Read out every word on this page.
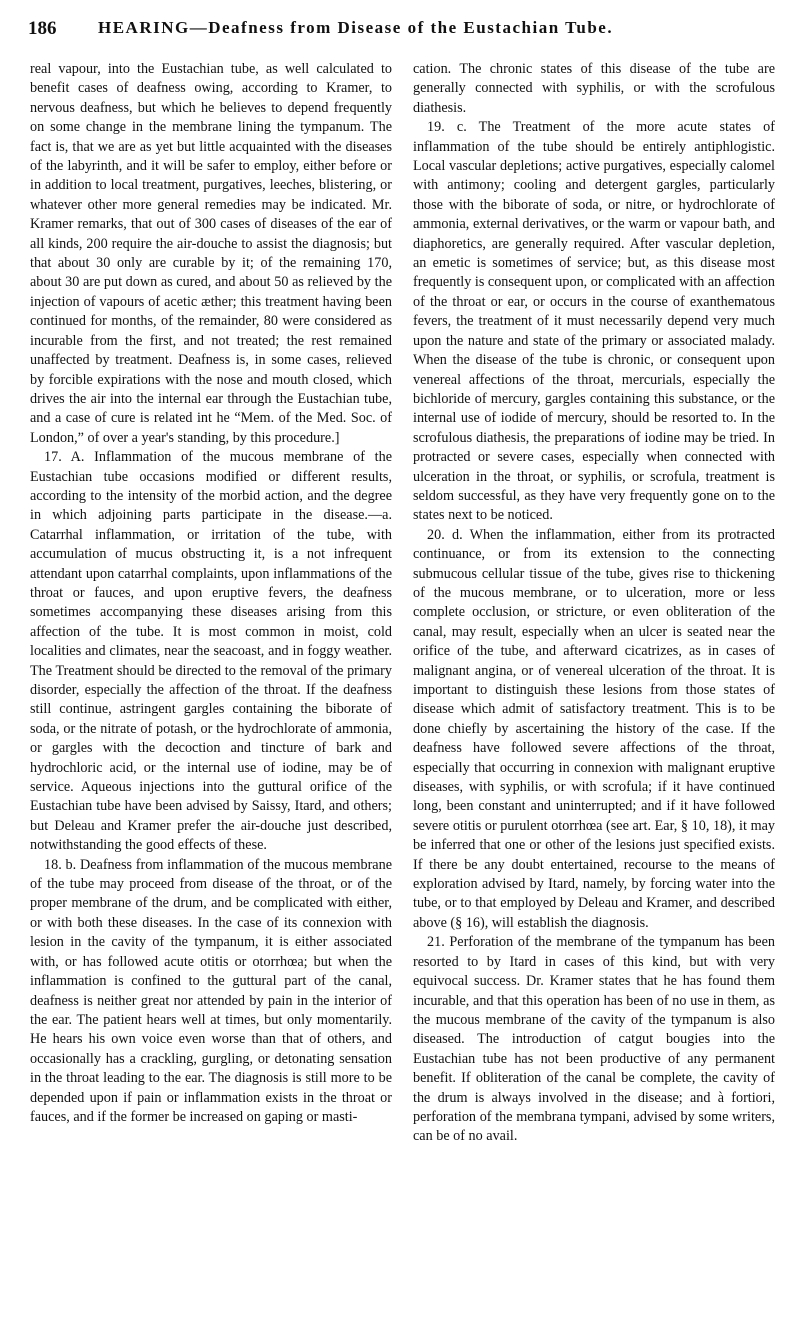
186 HEARING—Deafness from Disease of the Eustachian Tube.

real vapour, into the Eustachian tube, as well calculated to benefit cases of deafness owing, according to Kramer, to nervous deafness, but which he believes to depend frequently on some change in the membrane lining the tympanum. The fact is, that we are as yet but little acquainted with the diseases of the labyrinth, and it will be safer to employ, either before or in addition to local treatment, purgatives, leeches, blistering, or whatever other more general remedies may be indicated. Mr. Kramer remarks, that out of 300 cases of diseases of the ear of all kinds, 200 require the air-douche to assist the diagnosis; but that about 30 only are curable by it; of the remaining 170, about 30 are put down as cured, and about 50 as relieved by the injection of vapours of acetic æther; this treatment having been continued for months, of the remainder, 80 were considered as incurable from the first, and not treated; the rest remained unaffected by treatment. Deafness is, in some cases, relieved by forcible expirations with the nose and mouth closed, which drives the air into the internal ear through the Eustachian tube, and a case of cure is related int he “Mem. of the Med. Soc. of London,” of over a year's standing, by this procedure.]

17. A. Inflammation of the mucous membrane of the Eustachian tube occasions modified or different results, according to the intensity of the morbid action, and the degree in which adjoining parts participate in the disease.—a. Catarrhal inflammation, or irritation of the tube, with accumulation of mucus obstructing it, is a not infrequent attendant upon catarrhal complaints, upon inflammations of the throat or fauces, and upon eruptive fevers, the deafness sometimes accompanying these diseases arising from this affection of the tube. It is most common in moist, cold localities and climates, near the seacoast, and in foggy weather. The Treatment should be directed to the removal of the primary disorder, especially the affection of the throat. If the deafness still continue, astringent gargles containing the biborate of soda, or the nitrate of potash, or the hydrochlorate of ammonia, or gargles with the decoction and tincture of bark and hydrochloric acid, or the internal use of iodine, may be of service. Aqueous injections into the guttural orifice of the Eustachian tube have been advised by Saissy, Itard, and others; but Deleau and Kramer prefer the air-douche just described, notwithstanding the good effects of these.

18. b. Deafness from inflammation of the mucous membrane of the tube may proceed from disease of the throat, or of the proper membrane of the drum, and be complicated with either, or with both these diseases. In the case of its connexion with lesion in the cavity of the tympanum, it is either associated with, or has followed acute otitis or otorrhœa; but when the inflammation is confined to the guttural part of the canal, deafness is neither great nor attended by pain in the interior of the ear. The patient hears well at times, but only momentarily. He hears his own voice even worse than that of others, and occasionally has a crackling, gurgling, or detonating sensation in the throat leading to the ear. The diagnosis is still more to be depended upon if pain or inflammation exists in the throat or fauces, and if the former be increased on gaping or masti-

cation. The chronic states of this disease of the tube are generally connected with syphilis, or with the scrofulous diathesis.

19. c. The Treatment of the more acute states of inflammation of the tube should be entirely antiphlogistic. Local vascular depletions; active purgatives, especially calomel with antimony; cooling and detergent gargles, particularly those with the biborate of soda, or nitre, or hydrochlorate of ammonia, external derivatives, or the warm or vapour bath, and diaphoretics, are generally required. After vascular depletion, an emetic is sometimes of service; but, as this disease most frequently is consequent upon, or complicated with an affection of the throat or ear, or occurs in the course of exanthematous fevers, the treatment of it must necessarily depend very much upon the nature and state of the primary or associated malady. When the disease of the tube is chronic, or consequent upon venereal affections of the throat, mercurials, especially the bichloride of mercury, gargles containing this substance, or the internal use of iodide of mercury, should be resorted to. In the scrofulous diathesis, the preparations of iodine may be tried. In protracted or severe cases, especially when connected with ulceration in the throat, or syphilis, or scrofula, treatment is seldom successful, as they have very frequently gone on to the states next to be noticed.

20. d. When the inflammation, either from its protracted continuance, or from its extension to the connecting submucous cellular tissue of the tube, gives rise to thickening of the mucous membrane, or to ulceration, more or less complete occlusion, or stricture, or even obliteration of the canal, may result, especially when an ulcer is seated near the orifice of the tube, and afterward cicatrizes, as in cases of malignant angina, or of venereal ulceration of the throat. It is important to distinguish these lesions from those states of disease which admit of satisfactory treatment. This is to be done chiefly by ascertaining the history of the case. If the deafness have followed severe affections of the throat, especially that occurring in connexion with malignant eruptive diseases, with syphilis, or with scrofula; if it have continued long, been constant and uninterrupted; and if it have followed severe otitis or purulent otorrhœa (see art. Ear, § 10, 18), it may be inferred that one or other of the lesions just specified exists. If there be any doubt entertained, recourse to the means of exploration advised by Itard, namely, by forcing water into the tube, or to that employed by Deleau and Kramer, and described above (§ 16), will establish the diagnosis.

21. Perforation of the membrane of the tympanum has been resorted to by Itard in cases of this kind, but with very equivocal success. Dr. Kramer states that he has found them incurable, and that this operation has been of no use in them, as the mucous membrane of the cavity of the tympanum is also diseased. The introduction of catgut bougies into the Eustachian tube has not been productive of any permanent benefit. If obliteration of the canal be complete, the cavity of the drum is always involved in the disease; and à fortiori, perforation of the membrana tympani, advised by some writers, can be of no avail.
